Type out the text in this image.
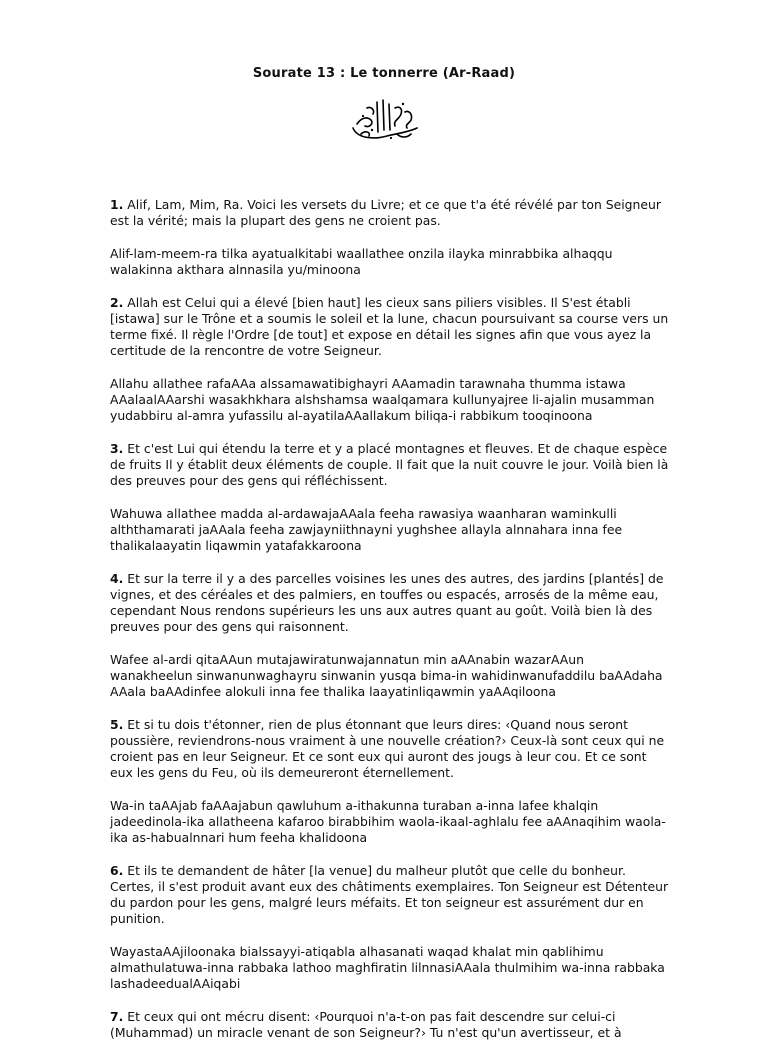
Sourate 13 : Le tonnerre (Ar-Raad)

1. Alif, Lam, Mim, Ra. Voici les versets du Livre; et ce que t'a été révélé par ton Seigneur est la vérité; mais la plupart des gens ne croient pas.

Alif-lam-meem-ra tilka ayatualkitabi waallathee onzila ilayka minrabbika alhaqqu walakinna akthara alnnasila yu/minoona

2. Allah est Celui qui a élevé [bien haut] les cieux sans piliers visibles. Il S'est établi [istawa] sur le Trône et a soumis le soleil et la lune, chacun poursuivant sa course vers un terme fixé. Il règle l'Ordre [de tout] et expose en détail les signes afin que vous ayez la certitude de la rencontre de votre Seigneur.

Allahu allathee rafaAAa alssamawatibighayri AAamadin tarawnaha thumma istawa AAalaalAAarshi wasakhkhara alshshamsa waalqamara kullunyajree li-ajalin musamman yudabbiru al-amra yufassilu al-ayatilaAAallakum biliqa-i rabbikum tooqinoona

3. Et c'est Lui qui étendu la terre et y a placé montagnes et fleuves. Et de chaque espèce de fruits Il y établit deux éléments de couple. Il fait que la nuit couvre le jour. Voilà bien là des preuves pour des gens qui réfléchissent.

Wahuwa allathee madda al-ardawajaAAala feeha rawasiya waanharan waminkulli alththamarati jaAAala feeha zawjayniithnayni yughshee allayla alnnahara inna fee thalikalaayatin liqawmin yatafakkaroona

4. Et sur la terre il y a des parcelles voisines les unes des autres, des jardins [plantés] de vignes, et des céréales et des palmiers, en touffes ou espacés, arrosés de la même eau, cependant Nous rendons supérieurs les uns aux autres quant au goût. Voilà bien là des preuves pour des gens qui raisonnent.

Wafee al-ardi qitaAAun mutajawiratunwajannatun min aAAnabin wazarAAun wanakheelun sinwanunwaghayru sinwanin yusqa bima-in wahidinwanufaddilu baAAdaha AAala baAAdinfee alokuli inna fee thalika laayatinliqawmin yaAAqiloona

5. Et si tu dois t'étonner, rien de plus étonnant que leurs dires: ‹Quand nous seront poussière, reviendrons-nous vraiment à une nouvelle création?› Ceux-là sont ceux qui ne croient pas en leur Seigneur. Et ce sont eux qui auront des jougs à leur cou. Et ce sont eux les gens du Feu, où ils demeureront éternellement.

Wa-in taAAjab faAAajabun qawluhum a-ithakunna turaban a-inna lafee khalqin jadeedinola-ika allatheena kafaroo birabbihim waola-ikaal-aghlalu fee aAAnaqihim waola-ika as-habualnnari hum feeha khalidoona

6. Et ils te demandent de hâter [la venue] du malheur plutôt que celle du bonheur. Certes, il s'est produit avant eux des châtiments exemplaires. Ton Seigneur est Détenteur du pardon pour les gens, malgré leurs méfaits. Et ton seigneur est assurément dur en punition.

WayastaAAjiloonaka bialssayyi-atiqabla alhasanati waqad khalat min qablihimu almathulatuwa-inna rabbaka lathoo maghfiratin lilnnasiAAala thulmihim wa-inna rabbaka lashadeedualAAiqabi

7. Et ceux qui ont mécru disent: ‹Pourquoi n'a-t-on pas fait descendre sur celui-ci (Muhammad) un miracle venant de son Seigneur?› Tu n'est qu'un avertisseur, et à
